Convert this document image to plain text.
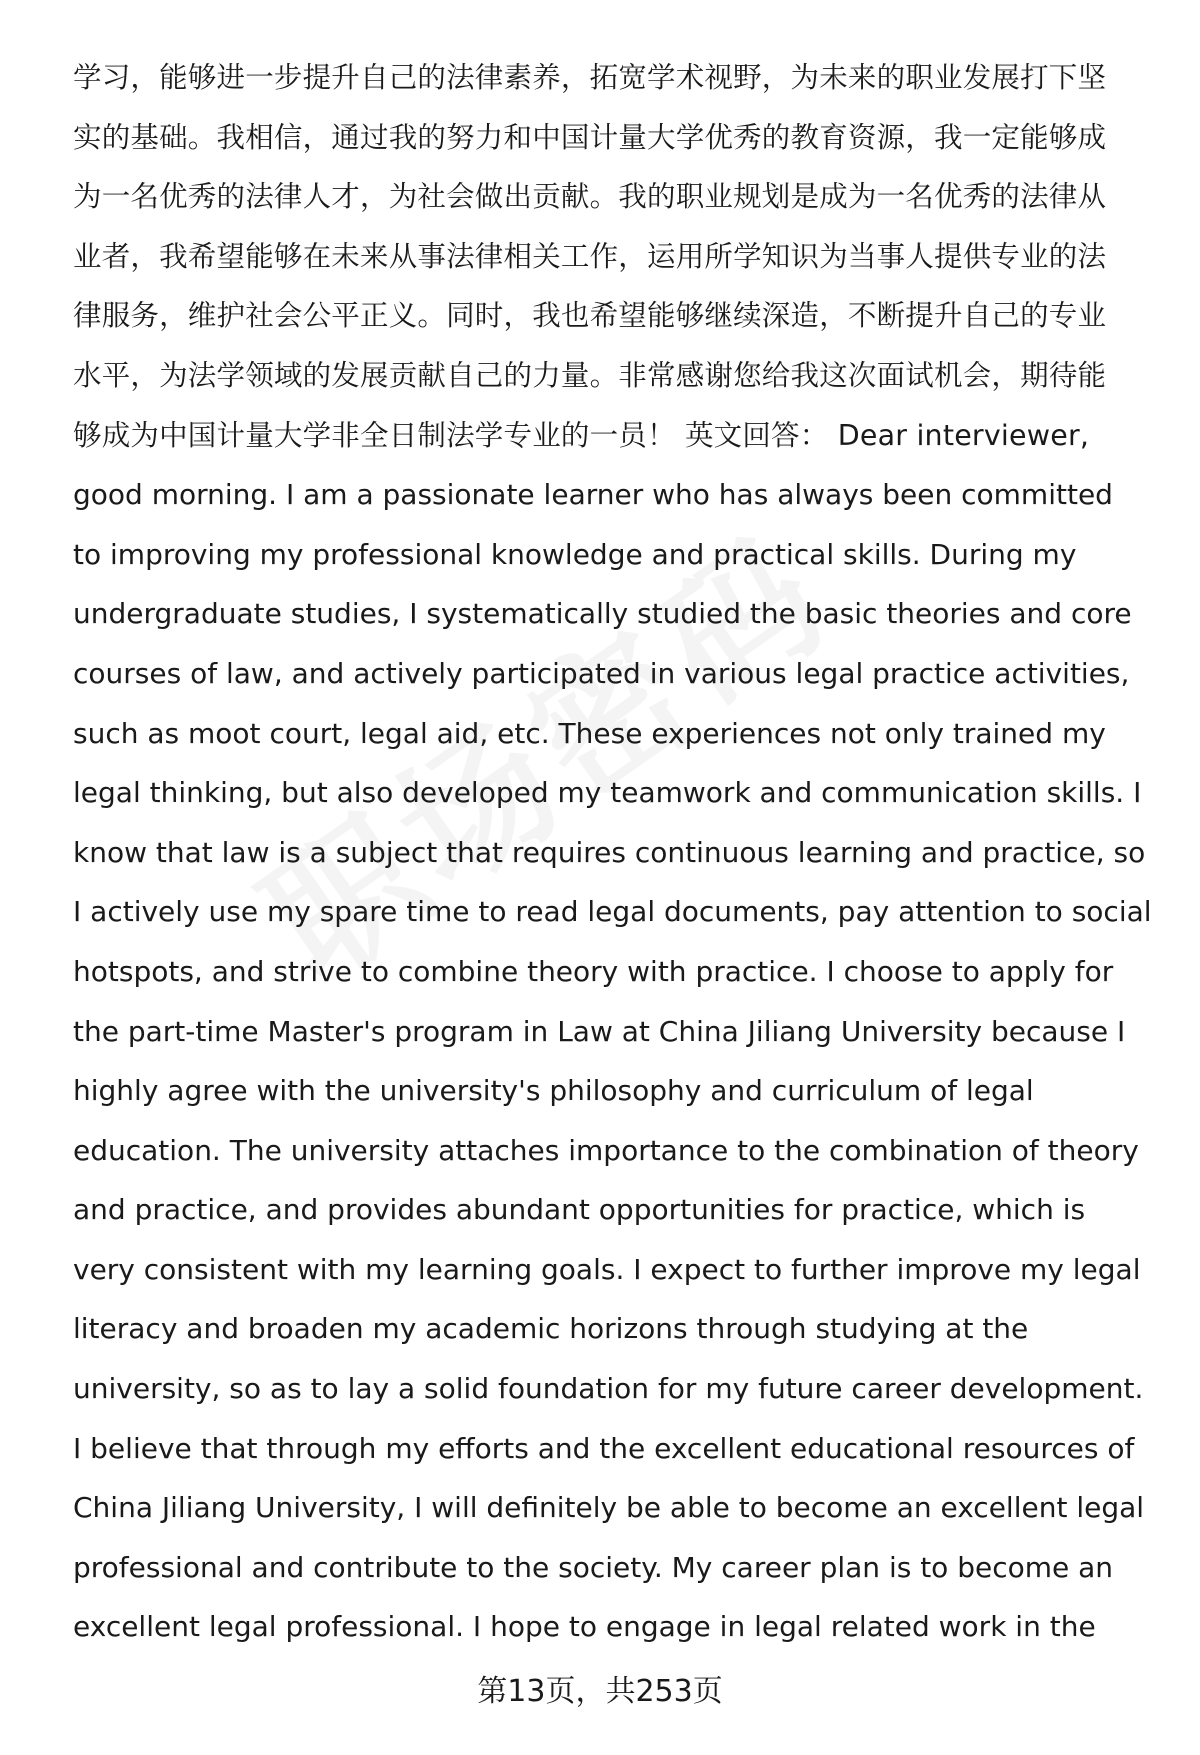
学习，能够进一步提升自己的法律素养，拓宽学术视野，为未来的职业发展打下坚
实的基础。我相信，通过我的努力和中国计量大学优秀的教育资源，我一定能够成
为一名优秀的法律人才，为社会做出贡献。我的职业规划是成为一名优秀的法律从
业者，我希望能够在未来从事法律相关工作，运用所学知识为当事人提供专业的法
律服务，维护社会公平正义。同时，我也希望能够继续深造，不断提升自己的专业
水平，为法学领域的发展贡献自己的力量。非常感谢您给我这次面试机会，期待能
够成为中国计量大学非全日制法学专业的一员！ 英文回答： Dear interviewer,
good morning. I am a passionate learner who has always been committed
to improving my professional knowledge and practical skills. During my
undergraduate studies, I systematically studied the basic theories and core
courses of law, and actively participated in various legal practice activities,
such as moot court, legal aid, etc. These experiences not only trained my
legal thinking, but also developed my teamwork and communication skills. I
know that law is a subject that requires continuous learning and practice, so
I actively use my spare time to read legal documents, pay attention to social
hotspots, and strive to combine theory with practice. I choose to apply for
the part-time Master's program in Law at China Jiliang University because I
highly agree with the university's philosophy and curriculum of legal
education. The university attaches importance to the combination of theory
and practice, and provides abundant opportunities for practice, which is
very consistent with my learning goals. I expect to further improve my legal
literacy and broaden my academic horizons through studying at the
university, so as to lay a solid foundation for my future career development.
I believe that through my efforts and the excellent educational resources of
China Jiliang University, I will definitely be able to become an excellent legal
professional and contribute to the society. My career plan is to become an
excellent legal professional. I hope to engage in legal related work in the
第13页，共253页
